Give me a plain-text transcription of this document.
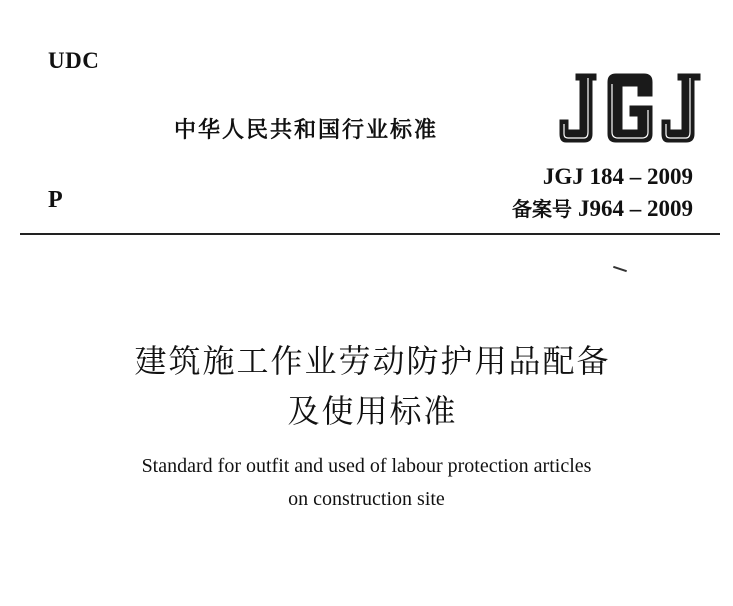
UDC
中华人民共和国行业标准
JGJ 184 – 2009
P	备案号 J964 – 2009
建筑施工作业劳动防护用品配备
及使用标准
Standard for outfit and used of labour protection articles
on construction site
